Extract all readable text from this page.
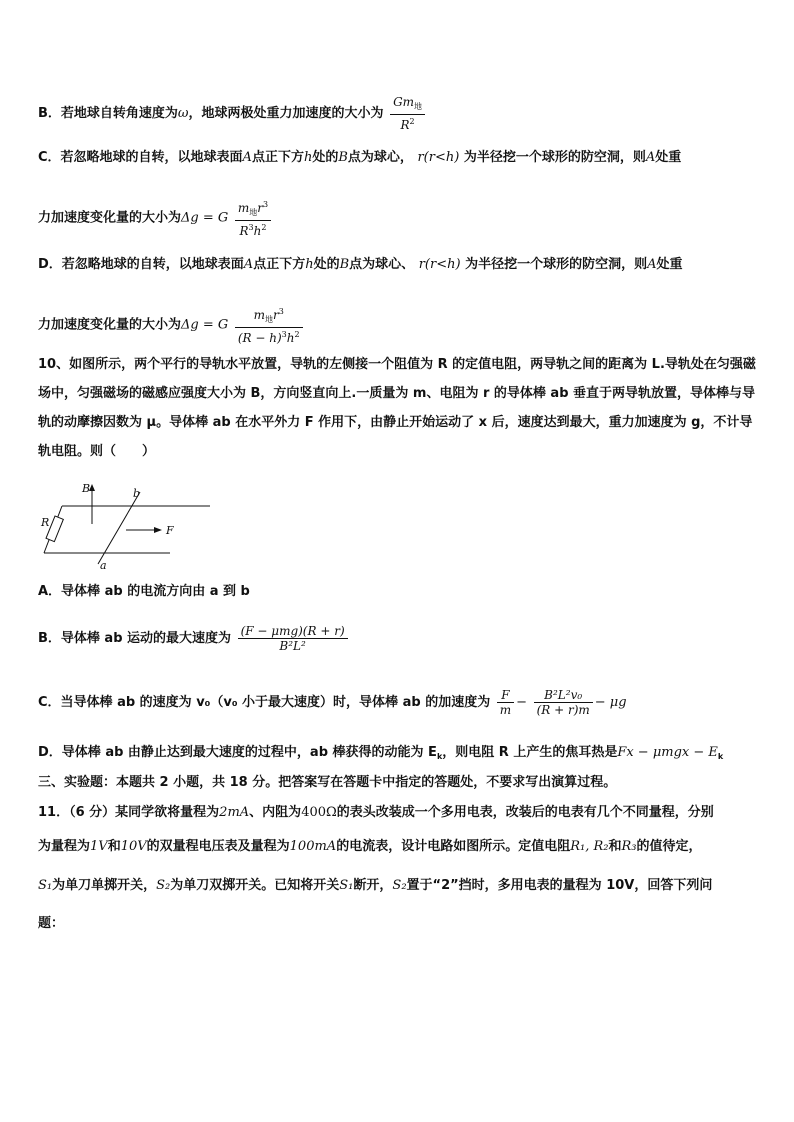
B．若地球自转角速度为ω，地球两极处重力加速度的大小为 $\frac{Gm_地}{R^2}$
C．若忽略地球的自转，以地球表面A点正下方h处的B点为球心， r(r<h) 为半径挖一个球形的防空洞，则A处重
力加速度变化量的大小为Δg = G $\frac{m_地r^3}{R^3h^2}$
D．若忽略地球的自转，以地球表面A点正下方h处的B点为球心、 r(r<h) 为半径挖一个球形的防空洞，则A处重
力加速度变化量的大小为Δg = G $\frac{m_地r^3}{(R - h)^3h^2}$
10、如图所示，两个平行的导轨水平放置，导轨的左侧接一个阻值为 R 的定值电阻，两导轨之间的距离为 L.导轨处在匀强磁场中，匀强磁场的磁感应强度大小为 B，方向竖直向上.一质量为 m、电阻为 r 的导体棒 ab 垂直于两导轨放置，导体棒与导轨的动摩擦因数为 μ。导体棒 ab 在水平外力 F 作用下，由静止开始运动了 x 后，速度达到最大，重力加速度为 g，不计导轨电阻。则（　　）
B	b
R
F
a
A．导体棒 ab 的电流方向由 a 到 b
B．导体棒 ab 运动的最大速度为 $\frac{\text{(F − μmg)(R + r)}}{\text{B²L²}}$
C．当导体棒 ab 的速度为 v₀（v₀ 小于最大速度）时，导体棒 ab 的加速度为 $\frac{F}{m} - \frac{\text{B²L²v₀}}{(R + r)m} - \mu g$
D．导体棒 ab 由静止达到最大速度的过程中，ab 棒获得的动能为 $E_k$，则电阻 R 上产生的焦耳热是$Fx - \mu mgx - E_k$
三、实验题：本题共 2 小题，共 18 分。把答案写在答题卡中指定的答题处，不要求写出演算过程。
11．（6 分）某同学欲将量程为2mA、内阻为400Ω的表头改装成一个多用电表，改装后的电表有几个不同量程，分别
为量程为1V和10V的双量程电压表及量程为100mA的电流表，设计电路如图所示。定值电阻R₁, R₂和R₃的值待定，
S₁为单刀单掷开关，S₂为单刀双掷开关。已知将开关S₁断开，S₂置于“2”挡时，多用电表的量程为 10V，回答下列问
题：
